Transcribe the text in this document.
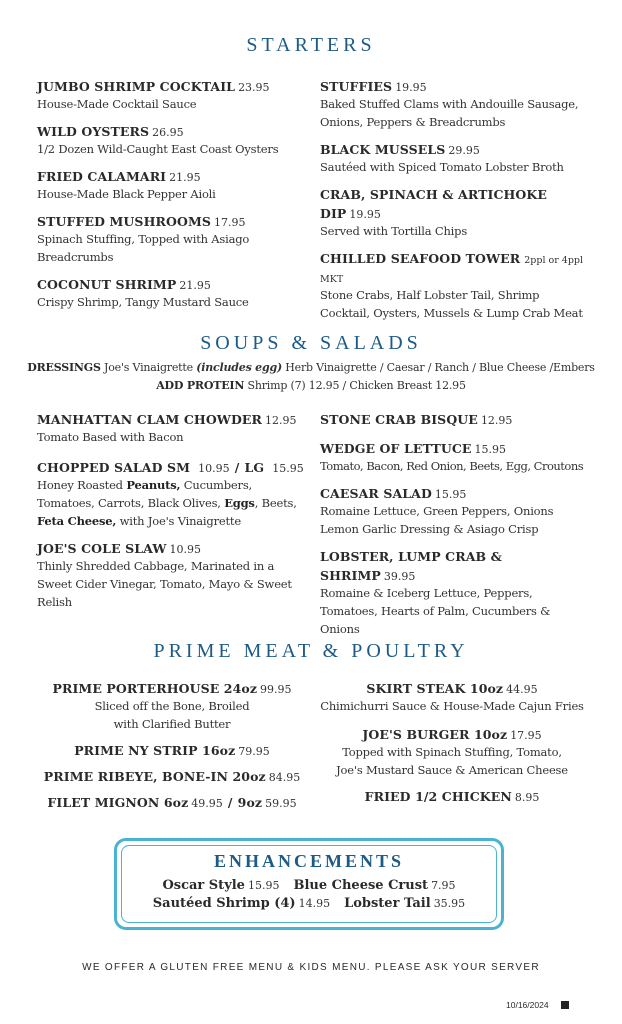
STARTERS
JUMBO SHRIMP COCKTAIL 23.95
House-Made Cocktail Sauce
WILD OYSTERS 26.95
1/2 Dozen Wild-Caught East Coast Oysters
FRIED CALAMARI 21.95
House-Made Black Pepper Aioli
STUFFED MUSHROOMS 17.95
Spinach Stuffing, Topped with Asiago Breadcrumbs
COCONUT SHRIMP 21.95
Crispy Shrimp, Tangy Mustard Sauce
STUFFIES 19.95
Baked Stuffed Clams with Andouille Sausage, Onions, Peppers & Breadcrumbs
BLACK MUSSELS 29.95
Sautéed with Spiced Tomato Lobster Broth
CRAB, SPINACH & ARTICHOKE DIP 19.95
Served with Tortilla Chips
CHILLED SEAFOOD TOWER 2ppl or 4ppl MKT
Stone Crabs, Half Lobster Tail, Shrimp Cocktail, Oysters, Mussels & Lump Crab Meat
SOUPS & SALADS
DRESSINGS Joe's Vinaigrette (includes egg) Herb Vinaigrette / Caesar / Ranch / Blue Cheese /Embers
ADD PROTEIN Shrimp (7) 12.95 / Chicken Breast 12.95
MANHATTAN CLAM CHOWDER 12.95
Tomato Based with Bacon
CHOPPED SALAD SM 10.95 / LG 15.95
Honey Roasted Peanuts, Cucumbers, Tomatoes, Carrots, Black Olives, Eggs, Beets, Feta Cheese, with Joe's Vinaigrette
JOE'S COLE SLAW 10.95
Thinly Shredded Cabbage, Marinated in a Sweet Cider Vinegar, Tomato, Mayo & Sweet Relish
STONE CRAB BISQUE 12.95
WEDGE OF LETTUCE 15.95
Tomato, Bacon, Red Onion, Beets, Egg, Croutons
CAESAR SALAD 15.95
Romaine Lettuce, Green Peppers, Onions Lemon Garlic Dressing & Asiago Crisp
LOBSTER, LUMP CRAB & SHRIMP 39.95
Romaine & Iceberg Lettuce, Peppers, Tomatoes, Hearts of Palm, Cucumbers & Onions
PRIME MEAT & POULTRY
PRIME PORTERHOUSE 24oz 99.95
Sliced off the Bone, Broiled
with Clarified Butter
PRIME NY STRIP 16oz 79.95
PRIME RIBEYE, BONE-IN 20oz 84.95
FILET MIGNON 6oz 49.95 / 9oz 59.95
SKIRT STEAK 10oz 44.95
Chimichurri Sauce & House-Made Cajun Fries
JOE'S BURGER 10oz 17.95
Topped with Spinach Stuffing, Tomato,
Joe's Mustard Sauce & American Cheese
FRIED 1/2 CHICKEN 8.95
ENHANCEMENTS
Oscar Style 15.95 Blue Cheese Crust 7.95
Sautéed Shrimp (4) 14.95 Lobster Tail 35.95
WE OFFER A GLUTEN FREE MENU & KIDS MENU. PLEASE ASK YOUR SERVER
10/16/2024
